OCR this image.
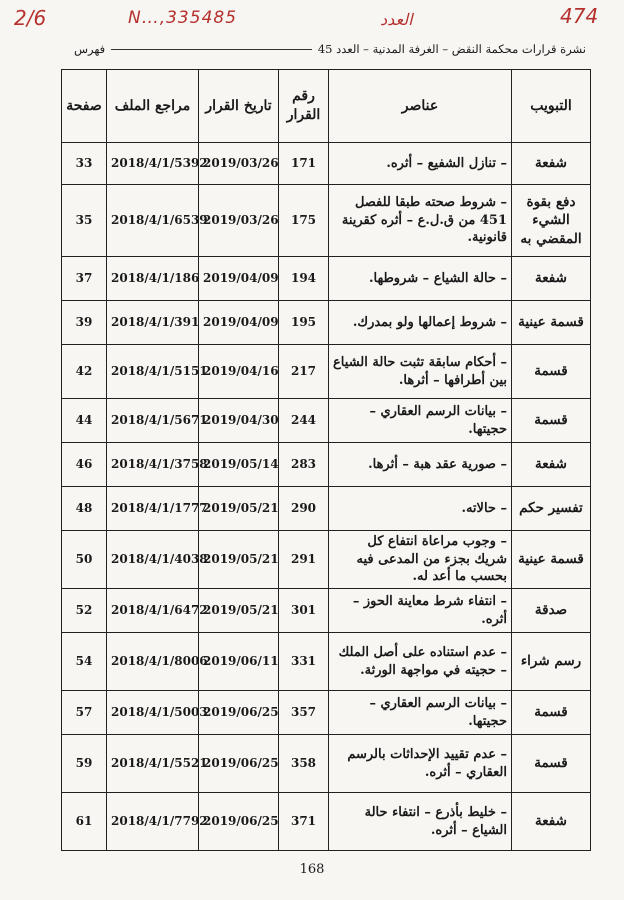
2/6	N…,335485	العدد	474
نشرة قرارات محكمة النقض – الغرفة المدنية – العدد 45
فهرس
التبويب	عناصر	رقم القرار	تاريخ القرار	مراجع الملف	صفحة
شفعة	– تنازل الشفيع – أثره.	171	2019/03/26	2018/4/1/5392	33
دفع بقوة الشيء المقضي به	– شروط صحته طبقا للفصل 451 من ق.ل.ع – أثره كقرينة قانونية.	175	2019/03/26	2018/4/1/6539	35
شفعة	– حالة الشياع – شروطها.	194	2019/04/09	2018/4/1/186	37
قسمة عينية	– شروط إعمالها ولو بمدرك.	195	2019/04/09	2018/4/1/391	39
قسمة	– أحكام سابقة تثبت حالة الشياع بين أطرافها – أثرها.	217	2019/04/16	2018/4/1/5151	42
قسمة	– بيانات الرسم العقاري – حجيتها.	244	2019/04/30	2018/4/1/5671	44
شفعة	– صورية عقد هبة – أثرها.	283	2019/05/14	2018/4/1/3758	46
تفسير حكم	– حالاته.	290	2019/05/21	2018/4/1/1777	48
قسمة عينية	– وجوب مراعاة انتفاع كل شريك بجزء من المدعى فيه بحسب ما أعد له.	291	2019/05/21	2018/4/1/4038	50
صدقة	– انتفاء شرط معاينة الحوز – أثره.	301	2019/05/21	2018/4/1/6472	52
رسم شراء	– عدم استناده على أصل الملك – حجيته في مواجهة الورثة.	331	2019/06/11	2018/4/1/8006	54
قسمة	– بيانات الرسم العقاري – حجيتها.	357	2019/06/25	2018/4/1/5003	57
قسمة	– عدم تقييد الإحداثات بالرسم العقاري – أثره.	358	2019/06/25	2018/4/1/5521	59
شفعة	– خليط بأذرع – انتفاء حالة الشياع – أثره.	371	2019/06/25	2018/4/1/7792	61
168
